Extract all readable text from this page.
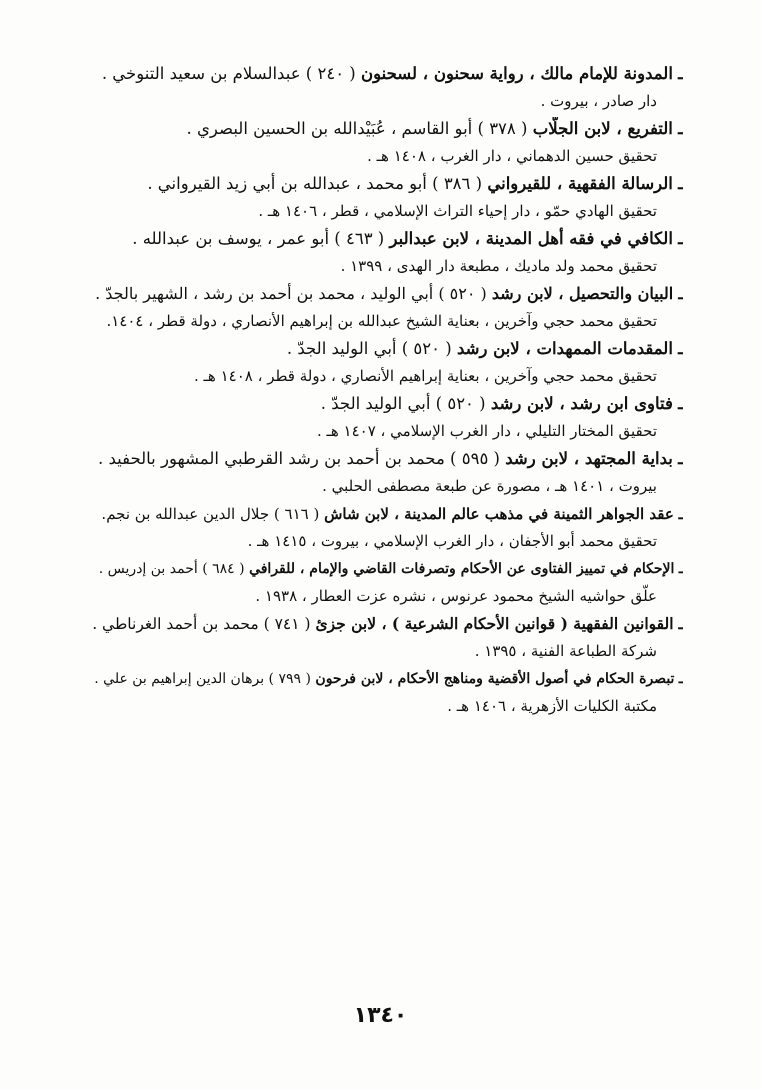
ـ المدونة للإمام مالك ، رواية سحنون ، لسحنون ( ٢٤٠ ) عبدالسلام بن سعيد التنوخي .
دار صادر ، بيروت .
ـ التفريع ، لابن الجلّاب ( ٣٧٨ ) أبو القاسم ، عُبَيْدالله بن الحسين البصري .
تحقيق حسين الدهماني ، دار الغرب ، ١٤٠٨ هـ .
ـ الرسالة الفقهية ، للقيرواني ( ٣٨٦ ) أبو محمد ، عبدالله بن أبي زيد القيرواني .
تحقيق الهادي حمّو ، دار إحياء التراث الإسلامي ، قطر ، ١٤٠٦ هـ .
ـ الكافي في فقه أهل المدينة ، لابن عبدالبر ( ٤٦٣ ) أبو عمر ، يوسف بن عبدالله .
تحقيق محمد ولد ماديك ، مطبعة دار الهدى ، ١٣٩٩ .
ـ البيان والتحصيل ، لابن رشد ( ٥٢٠ ) أبي الوليد ، محمد بن أحمد بن رشد ، الشهير بالجدّ .
تحقيق محمد حجي وآخرين ، بعناية الشيخ عبدالله بن إبراهيم الأنصاري ، دولة قطر ، ١٤٠٤.
ـ المقدمات الممهدات ، لابن رشد ( ٥٢٠ ) أبي الوليد الجدّ .
تحقيق محمد حجي وآخرين ، بعناية إبراهيم الأنصاري ، دولة قطر ، ١٤٠٨ هـ .
ـ فتاوى ابن رشد ، لابن رشد ( ٥٢٠ ) أبي الوليد الجدّ .
تحقيق المختار التليلي ، دار الغرب الإسلامي ، ١٤٠٧ هـ .
ـ بداية المجتهد ، لابن رشد ( ٥٩٥ ) محمد بن أحمد بن رشد القرطبي المشهور بالحفيد .
بيروت ، ١٤٠١ هـ ، مصورة عن طبعة مصطفى الحلبي .
ـ عقد الجواهر الثمينة في مذهب عالم المدينة ، لابن شاش ( ٦١٦ ) جلال الدين عبدالله بن نجم.
تحقيق محمد أبو الأجفان ، دار الغرب الإسلامي ، بيروت ، ١٤١٥ هـ .
ـ الإحكام في تمييز الفتاوى عن الأحكام وتصرفات القاضي والإمام ، للقرافي ( ٦٨٤ ) أحمد بن إدريس .
علّق حواشيه الشيخ محمود عرنوس ، نشره عزت العطار ، ١٩٣٨ .
ـ القوانين الفقهية ( قوانين الأحكام الشرعية ) ، لابن جزئ ( ٧٤١ ) محمد بن أحمد الغرناطي .
شركة الطباعة الفنية ، ١٣٩٥ .
ـ تبصرة الحكام في أصول الأقضية ومناهج الأحكام ، لابن فرحون ( ٧٩٩ ) برهان الدين إبراهيم بن علي .
مكتبة الكليات الأزهرية ، ١٤٠٦ هـ .
١٣٤٠
